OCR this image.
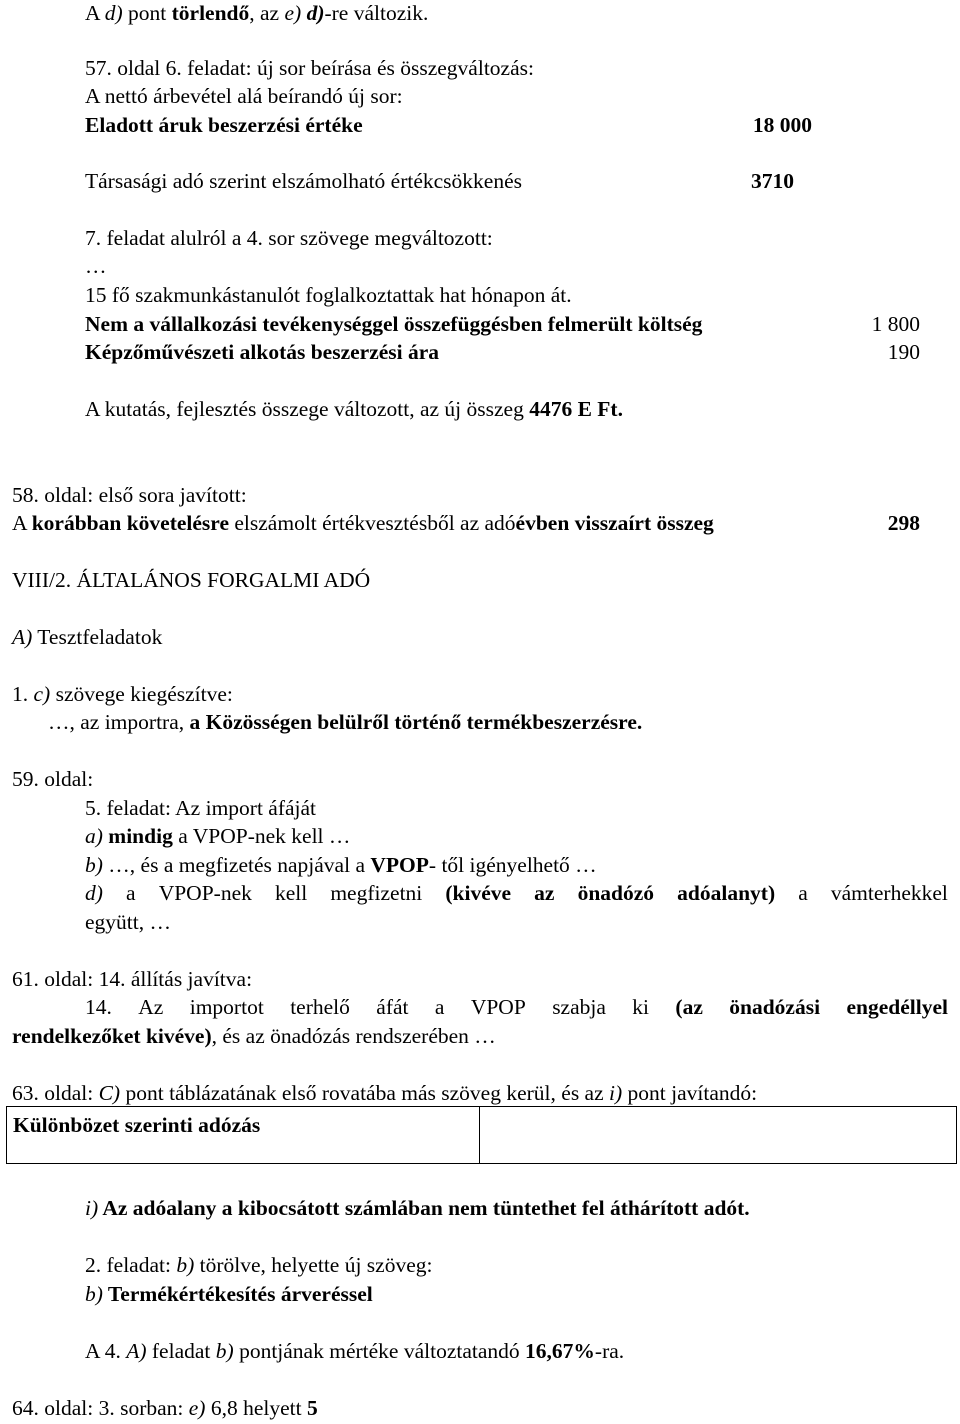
A d) pont törlendő, az e) d)-re változik.
57. oldal 6. feladat: új sor beírása és összegváltozás:
A nettó árbevétel alá beírandó új sor:
Eladott áruk beszerzési értéke	18 000
Társasági adó szerint elszámolható értékcsökkenés	3710
7. feladat alulról a 4. sor szövege megváltozott:
…
15 fő szakmunkástanulót foglalkoztattak hat hónapon át.
Nem a vállalkozási tevékenységgel összefüggésben felmerült költség	1 800
Képzőművészeti alkotás beszerzési ára	190
A kutatás, fejlesztés összege változott, az új összeg 4476 E Ft.
58. oldal: első sora javított:
A korábban követelésre elszámolt értékvesztésből az adóévben visszaírt összeg	298
VIII/2. ÁLTALÁNOS FORGALMI ADÓ
A) Tesztfeladatok
1. c) szövege kiegészítve:
…, az importra, a Közösségen belülről történő termékbeszerzésre.
59. oldal:
5. feladat: Az import áfáját
a) mindig a VPOP-nek kell …
b) …, és a megfizetés napjával a VPOP- től igényelhető …
d) a VPOP-nek kell megfizetni (kivéve az önadózó adóalanyt) a vámterhekkel
együtt, …
61. oldal: 14. állítás javítva:
14. Az importot terhelő áfát a VPOP szabja ki (az önadózási engedéllyel
rendelkezőket kivéve), és az önadózás rendszerében …
63. oldal: C) pont táblázatának első rovatába más szöveg kerül, és az i) pont javítandó:
Különbözet szerinti adózás
i) Az adóalany a kibocsátott számlában nem tüntethet fel áthárított adót.
2. feladat: b) törölve, helyette új szöveg:
b) Termékértékesítés árveréssel
A 4. A) feladat b) pontjának mértéke változtatandó 16,67%-ra.
64. oldal: 3. sorban: e) 6,8 helyett 5
